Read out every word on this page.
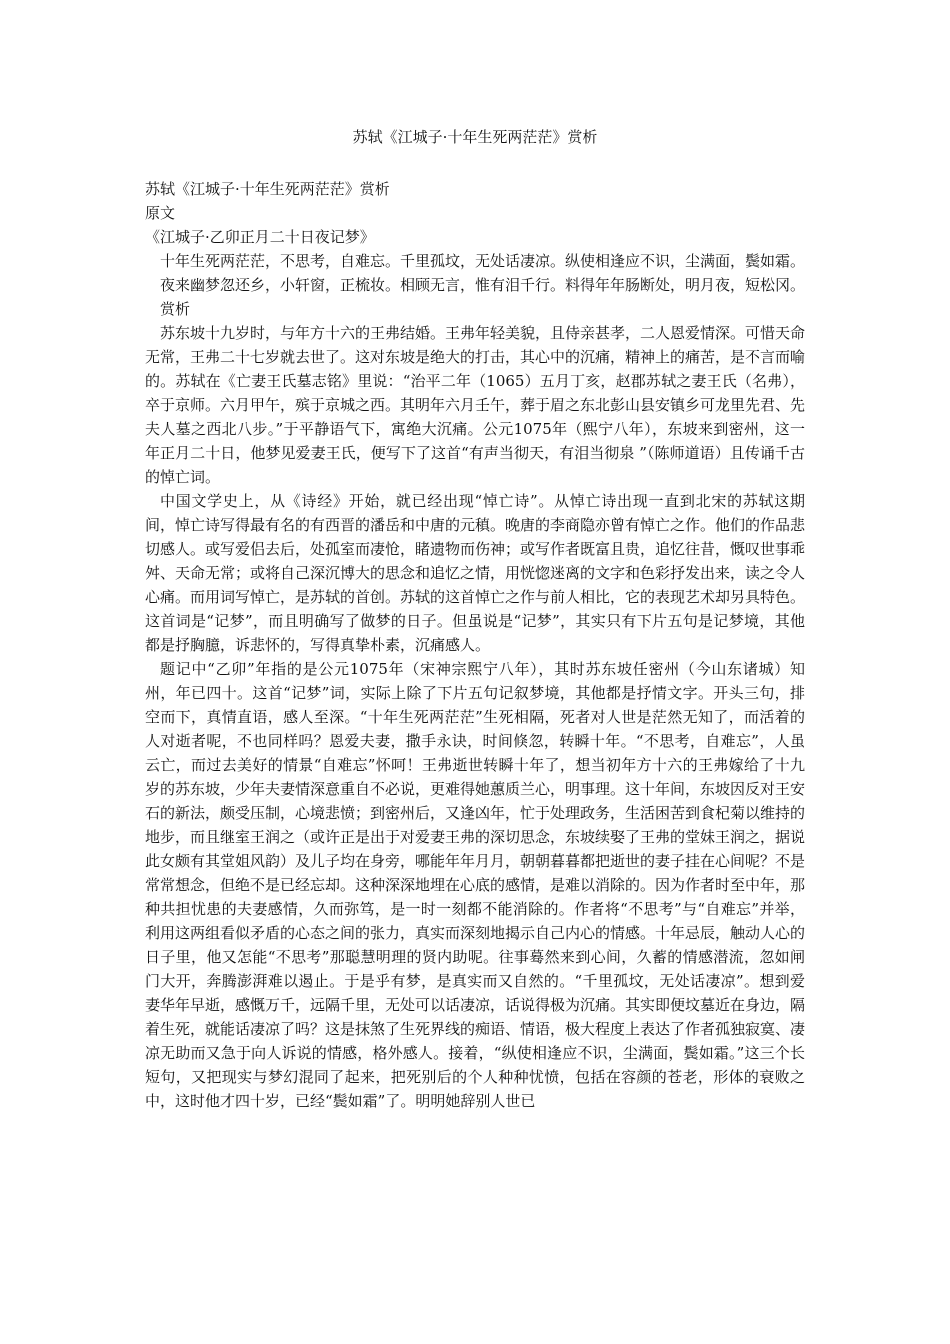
苏轼《江城子·十年生死两茫茫》赏析

苏轼《江城子·十年生死两茫茫》赏析

原文

《江城子·乙卯正月二十日夜记梦》

十年生死两茫茫，不思考，自难忘。千里孤坟，无处话凄凉。纵使相逢应不识，尘满面，鬓如霜。

夜来幽梦忽还乡，小轩窗，正梳妆。相顾无言，惟有泪千行。料得年年肠断处，明月夜，短松冈。

赏析

苏东坡十九岁时，与年方十六的王弗结婚。王弗年轻美貌，且侍亲甚孝，二人恩爱情深。可惜天命无常，王弗二十七岁就去世了。这对东坡是绝大的打击，其心中的沉痛，精神上的痛苦，是不言而喻的。苏轼在《亡妻王氏墓志铭》里说：“治平二年（1065）五月丁亥，赵郡苏轼之妻王氏（名弗），卒于京师。六月甲午，殡于京城之西。其明年六月壬午，葬于眉之东北彭山县安镇乡可龙里先君、先夫人墓之西北八步。”于平静语气下，寓绝大沉痛。公元1075年（熙宁八年），东坡来到密州，这一年正月二十日，他梦见爱妻王氏，便写下了这首“有声当彻天，有泪当彻泉 ”（陈师道语）且传诵千古的悼亡词。

中国文学史上，从《诗经》开始，就已经出现“悼亡诗”。从悼亡诗出现一直到北宋的苏轼这期间，悼亡诗写得最有名的有西晋的潘岳和中唐的元稹。晚唐的李商隐亦曾有悼亡之作。他们的作品悲切感人。或写爱侣去后，处孤室而凄怆，睹遗物而伤神；或写作者既富且贵，追忆往昔，慨叹世事乖舛、天命无常；或将自己深沉博大的思念和追忆之情，用恍惚迷离的文字和色彩抒发出来，读之令人心痛。而用词写悼亡，是苏轼的首创。苏轼的这首悼亡之作与前人相比，它的表现艺术却另具特色。这首词是“记梦”，而且明确写了做梦的日子。但虽说是“记梦”，其实只有下片五句是记梦境，其他都是抒胸臆，诉悲怀的，写得真挚朴素，沉痛感人。

题记中“乙卯”年指的是公元1075年（宋神宗熙宁八年），其时苏东坡任密州（今山东诸城）知州，年已四十。这首“记梦”词，实际上除了下片五句记叙梦境，其他都是抒情文字。开头三句，排空而下，真情直语，感人至深。“十年生死两茫茫”生死相隔，死者对人世是茫然无知了，而活着的人对逝者呢，不也同样吗？恩爱夫妻，撒手永诀，时间倏忽，转瞬十年。“不思考，自难忘”，人虽云亡，而过去美好的情景“自难忘”怀呵！王弗逝世转瞬十年了，想当初年方十六的王弗嫁给了十九岁的苏东坡，少年夫妻情深意重自不必说，更难得她蕙质兰心，明事理。这十年间，东坡因反对王安石的新法，颇受压制，心境悲愤；到密州后，又逢凶年，忙于处理政务，生活困苦到食杞菊以维持的地步，而且继室王润之（或许正是出于对爱妻王弗的深切思念，东坡续娶了王弗的堂妹王润之，据说此女颇有其堂姐风韵）及儿子均在身旁，哪能年年月月，朝朝暮暮都把逝世的妻子挂在心间呢？不是常常想念，但绝不是已经忘却。这种深深地埋在心底的感情，是难以消除的。因为作者时至中年，那种共担忧患的夫妻感情，久而弥笃，是一时一刻都不能消除的。作者将“不思考”与“自难忘”并举，利用这两组看似矛盾的心态之间的张力，真实而深刻地揭示自己内心的情感。十年忌辰，触动人心的日子里，他又怎能“不思考”那聪慧明理的贤内助呢。往事蓦然来到心间，久蓄的情感潜流，忽如闸门大开，奔腾澎湃难以遏止。于是乎有梦，是真实而又自然的。“千里孤坟，无处话凄凉”。想到爱妻华年早逝，感慨万千，远隔千里，无处可以话凄凉，话说得极为沉痛。其实即便坟墓近在身边，隔着生死，就能话凄凉了吗？这是抹煞了生死界线的痴语、情语，极大程度上表达了作者孤独寂寞、凄凉无助而又急于向人诉说的情感，格外感人。接着，“纵使相逢应不识，尘满面，鬓如霜。”这三个长短句，又把现实与梦幻混同了起来，把死别后的个人种种忧愤，包括在容颜的苍老，形体的衰败之中，这时他才四十岁，已经“鬓如霜”了。明明她辞别人世已
